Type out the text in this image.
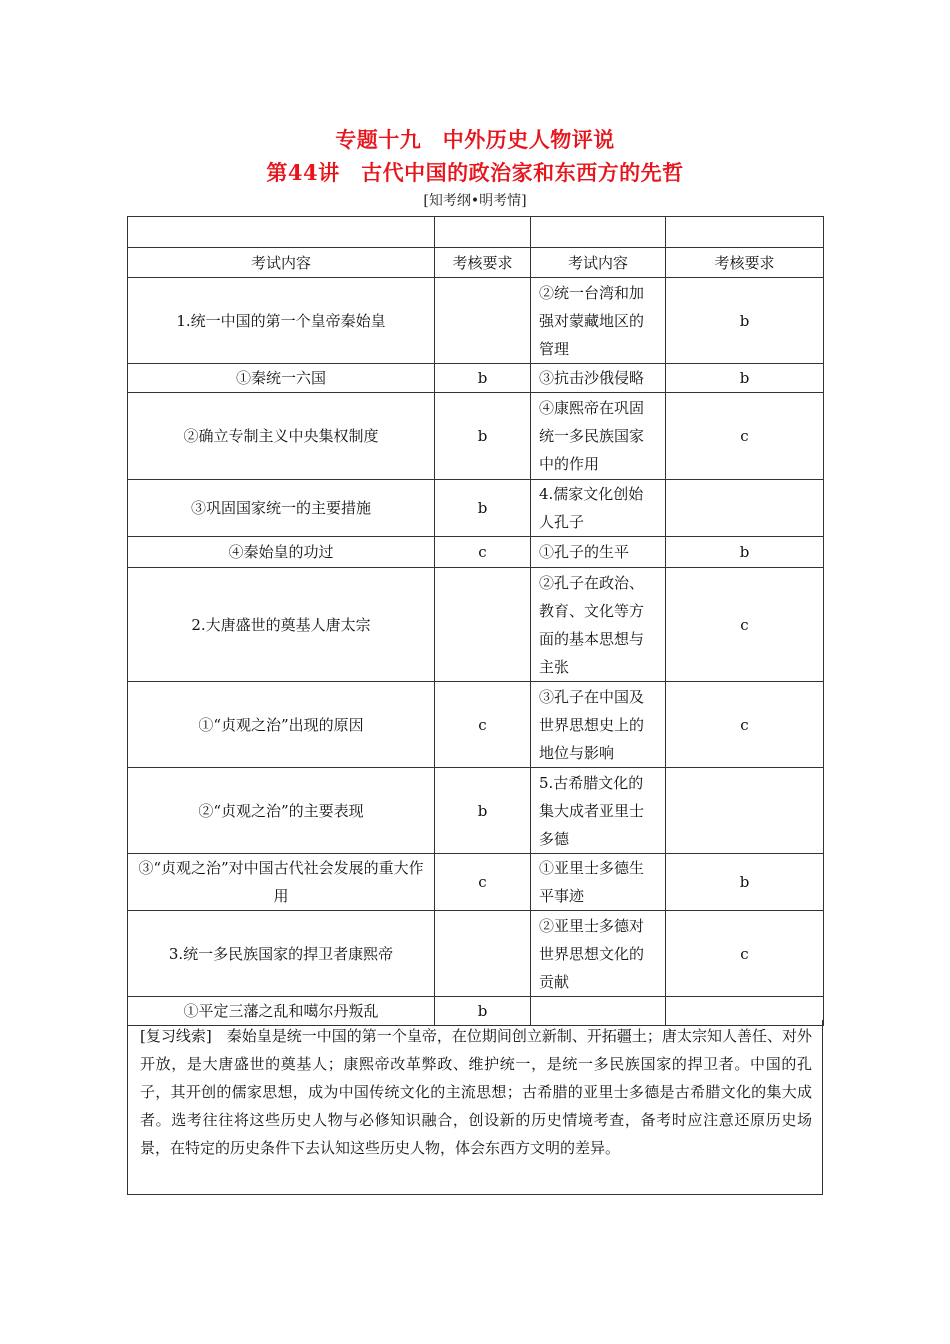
专题十九　中外历史人物评说
第44讲　古代中国的政治家和东西方的先哲
[知考纲•明考情]

考试内容	考核要求	考试内容	考核要求
1.统一中国的第一个皇帝秦始皇		②统一台湾和加
强对蒙藏地区的
管理	b
①秦统一六国	b	③抗击沙俄侵略	b
②确立专制主义中央集权制度	b	④康熙帝在巩固
统一多民族国家
中的作用	c
③巩固国家统一的主要措施	b	4.儒家文化创始
人孔子	

④秦始皇的功过	c	①孔子的生平	b
2.大唐盛世的奠基人唐太宗		②孔子在政治、
教育、文化等方
面的基本思想与
主张	c
①“贞观之治”出现的原因	c	③孔子在中国及
世界思想史上的
地位与影响	c
②“贞观之治”的主要表现	b	5.古希腊文化的
集大成者亚里士
多德	

③“贞观之治”对中国古代社会发展的重大作用	c	①亚里士多德生
平事迹	b
3.统一多民族国家的捍卫者康熙帝		②亚里士多德对
世界思想文化的
贡献	c
①平定三藩之乱和噶尔丹叛乱	b	

[复习线索]　秦始皇是统一中国的第一个皇帝，在位期间创立新制、开拓疆土；唐太宗知人善任、对外开放，是大唐盛世的奠基人；康熙帝改革弊政、维护统一，是统一多民族国家的捍卫者。中国的孔子，其开创的儒家思想，成为中国传统文化的主流思想；古希腊的亚里士多德是古希腊文化的集大成者。选考往往将这些历史人物与必修知识融合，创设新的历史情境考查，备考时应注意还原历史场景，在特定的历史条件下去认知这些历史人物，体会东西方文明的差异。
